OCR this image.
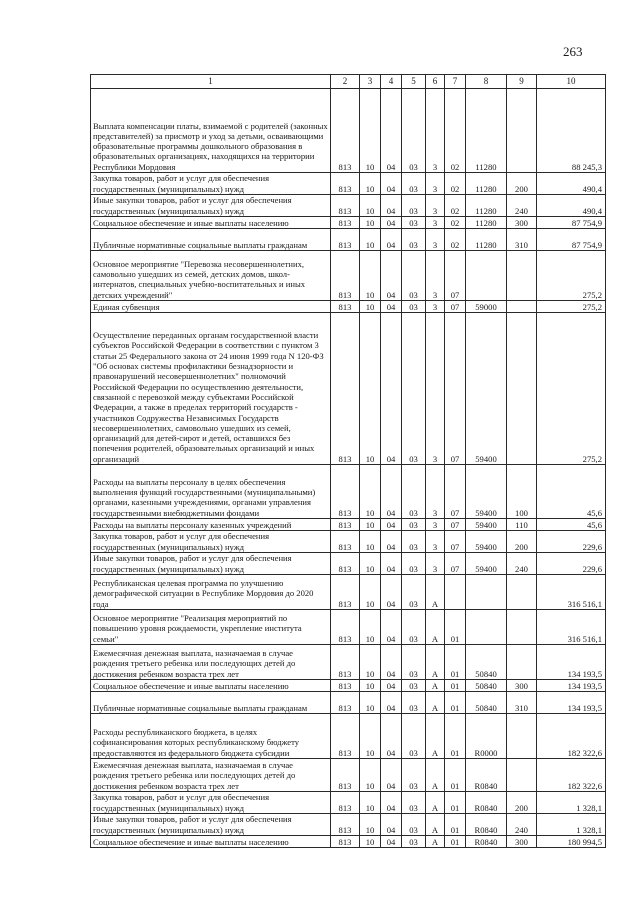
263
1	2	3	4	5	6	7	8	9	10
Выплата компенсации платы, взимаемой с родителей (законных представителей) за присмотр и уход за детьми, осваивающими образовательные программы дошкольного образования в образовательных организациях, находящихся на территории Республики Мордовия	813	10	04	03	3	02	11280		88 245,3
Закупка товаров, работ и услуг для обеспечения государственных (муниципальных) нужд	813	10	04	03	3	02	11280	200	490,4
Иные закупки товаров, работ и услуг для обеспечения государственных (муниципальных) нужд	813	10	04	03	3	02	11280	240	490,4
Социальное обеспечение и иные выплаты населению	813	10	04	03	3	02	11280	300	87 754,9
Публичные нормативные социальные выплаты гражданам	813	10	04	03	3	02	11280	310	87 754,9
Основное мероприятие "Перевозка несовершеннолетних, самовольно ушедших из семей, детских домов, школ-интернатов, специальных учебно-воспитательных и иных детских учреждений"	813	10	04	03	3	07			275,2
Единая субвенция	813	10	04	03	3	07	59000		275,2
Осуществление переданных органам государственной власти субъектов Российской Федерации в соответствии с пунктом 3 статьи 25 Федерального закона от 24 июня 1999 года N 120-ФЗ "Об основах системы профилактики безнадзорности и правонарушений несовершеннолетних" полномочий Российской Федерации по осуществлению деятельности, связанной с перевозкой между субъектами Российской Федерации, а также в пределах территорий государств - участников Содружества Независимых Государств несовершеннолетних, самовольно ушедших из семей, организаций для детей-сирот и детей, оставшихся без попечения родителей, образовательных организаций и иных организаций	813	10	04	03	3	07	59400		275,2
Расходы на выплаты персоналу в целях обеспечения выполнения функций государственными (муниципальными) органами, казенными учреждениями, органами управления государственными внебюджетными фондами	813	10	04	03	3	07	59400	100	45,6
Расходы на выплаты персоналу казенных учреждений	813	10	04	03	3	07	59400	110	45,6
Закупка товаров, работ и услуг для обеспечения государственных (муниципальных) нужд	813	10	04	03	3	07	59400	200	229,6
Иные закупки товаров, работ и услуг для обеспечения государственных (муниципальных) нужд	813	10	04	03	3	07	59400	240	229,6
Республиканская целевая программа по улучшению демографической ситуации в Республике Мордовия до 2020 года	813	10	04	03	А				316 516,1
Основное мероприятие "Реализация мероприятий по повышению уровня рождаемости, укрепление института семьи"	813	10	04	03	А	01			316 516,1
Ежемесячная денежная выплата, назначаемая в случае рождения третьего ребенка или последующих детей до достижения ребенком возраста трех лет	813	10	04	03	А	01	50840		134 193,5
Социальное обеспечение и иные выплаты населению	813	10	04	03	А	01	50840	300	134 193,5
Публичные нормативные социальные выплаты гражданам	813	10	04	03	А	01	50840	310	134 193,5
Расходы республиканского бюджета, в целях софинансирования которых республиканскому бюджету предоставляются из федерального бюджета субсидии	813	10	04	03	А	01	R0000		182 322,6
Ежемесячная денежная выплата, назначаемая в случае рождения третьего ребенка или последующих детей до достижения ребенком возраста трех лет	813	10	04	03	А	01	R0840		182 322,6
Закупка товаров, работ и услуг для обеспечения государственных (муниципальных) нужд	813	10	04	03	А	01	R0840	200	1 328,1
Иные закупки товаров, работ и услуг для обеспечения государственных (муниципальных) нужд	813	10	04	03	А	01	R0840	240	1 328,1
Социальное обеспечение и иные выплаты населению	813	10	04	03	А	01	R0840	300	180 994,5
